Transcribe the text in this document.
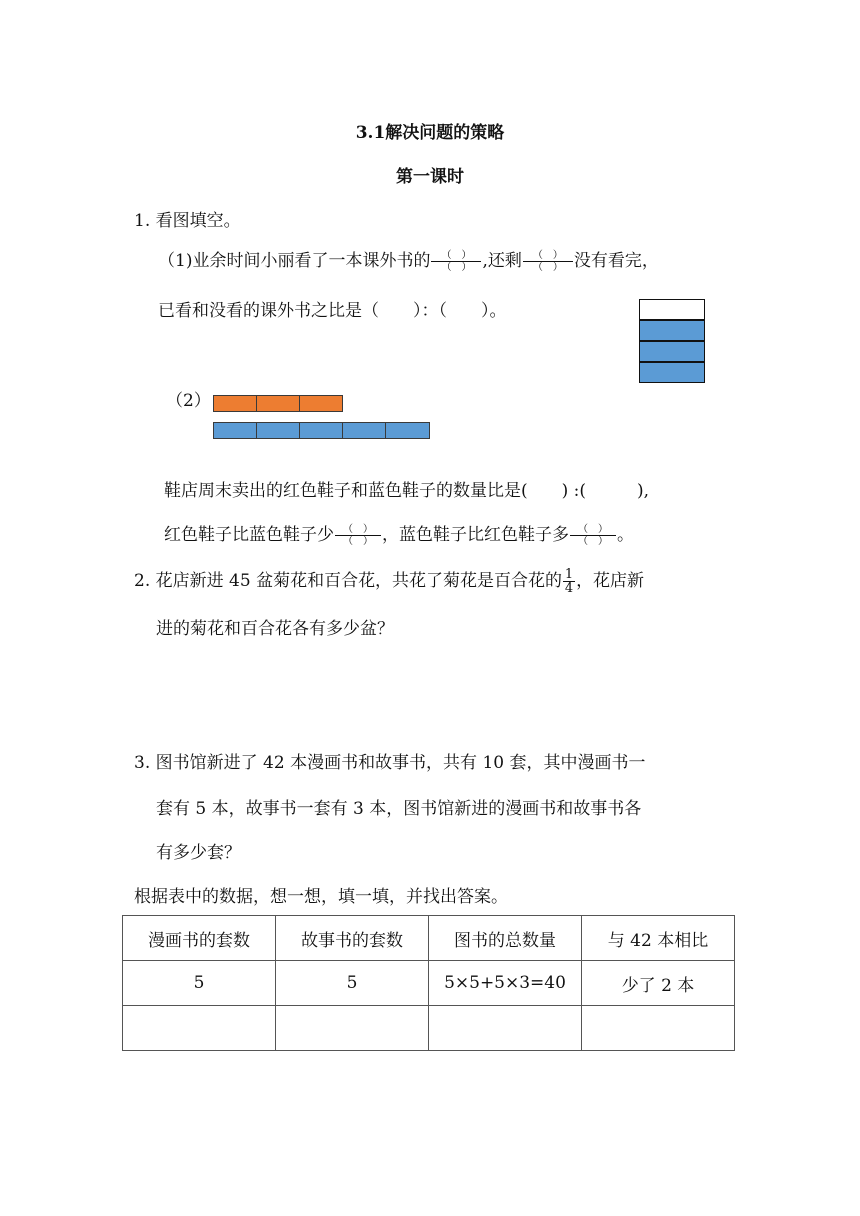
3.1解决问题的策略
第一课时
1. 看图填空。
（1)业余时间小丽看了一本课外书的 $\frac{( )}{( )}$ ,还剩 $\frac{( )}{( )}$ 没有看完，
已看和没看的课外书之比是（　　）：（　　）。
（2）
鞋店周末卖出的红色鞋子和蓝色鞋子的数量比是(　　) :(　　　),
红色鞋子比蓝色鞋子少 $\frac{( )}{( )}$ ，蓝色鞋子比红色鞋子多 $\frac{( )}{( )}$ 。
2. 花店新进 45 盆菊花和百合花，共花了菊花是百合花的 $\frac{1}{4}$ ，花店新
进的菊花和百合花各有多少盆？
3. 图书馆新进了 42 本漫画书和故事书，共有 10 套，其中漫画书一
套有 5 本，故事书一套有 3 本，图书馆新进的漫画书和故事书各
有多少套？
根据表中的数据，想一想，填一填，并找出答案。
漫画书的套数	故事书的套数	图书的总数量	与 42 本相比
5	5	5×5+5×3=40	少了 2 本
